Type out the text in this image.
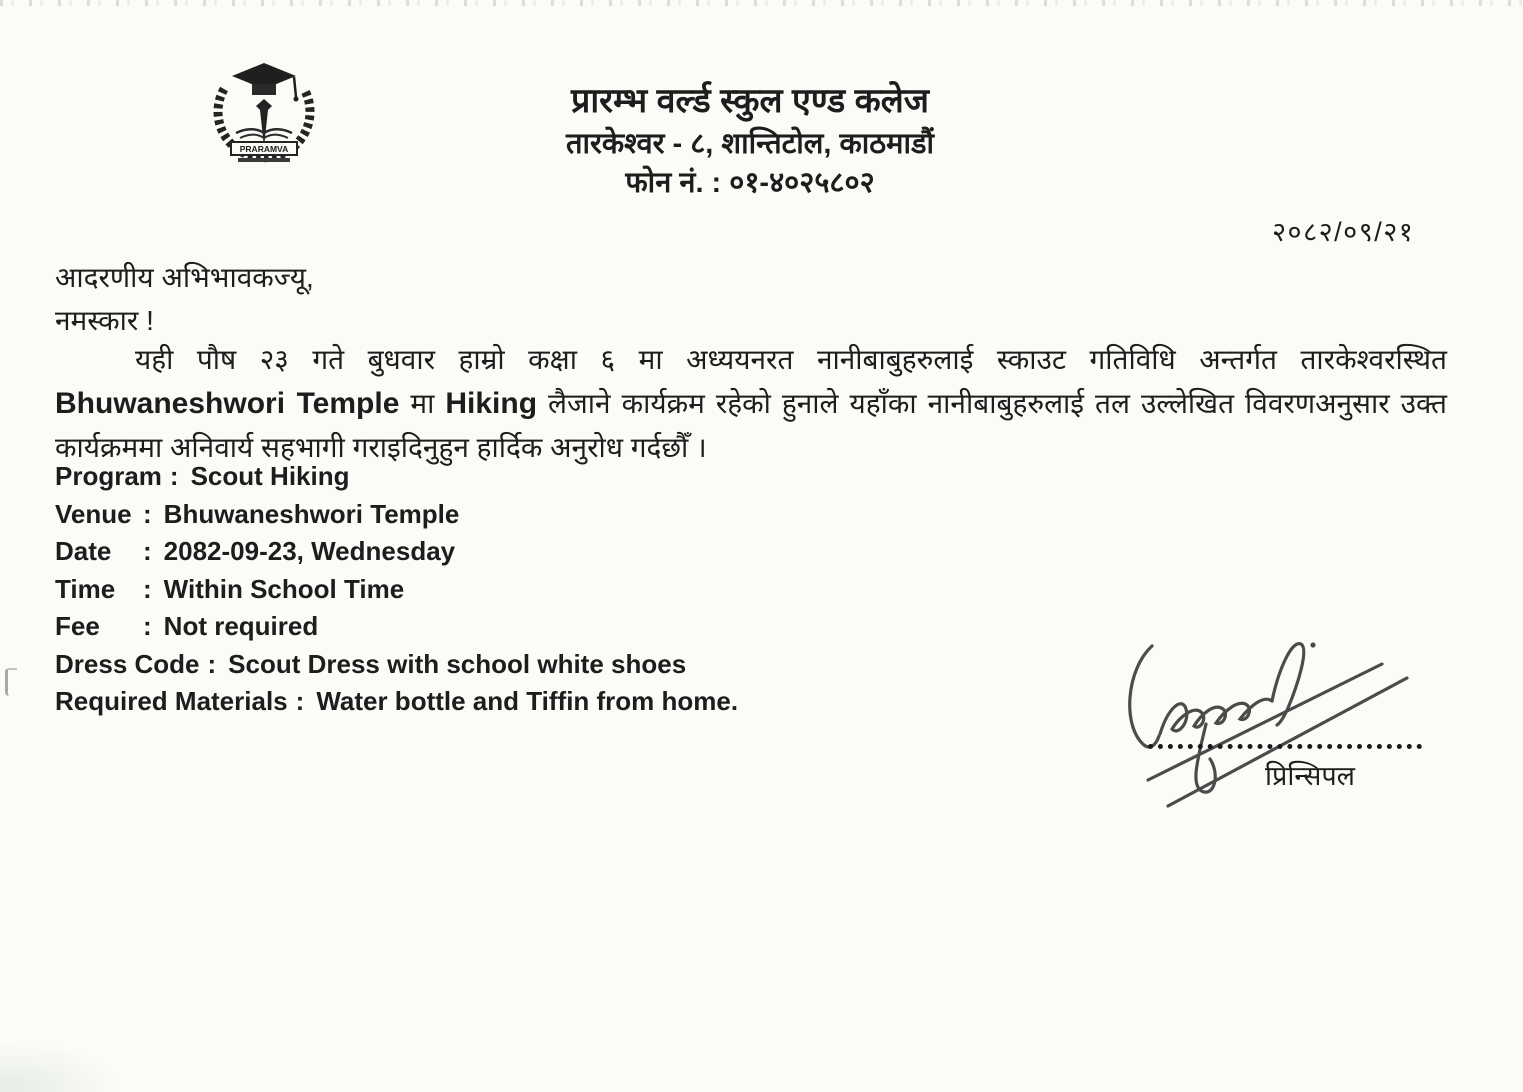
PRARAMVA
प्रारम्भ वर्ल्ड स्कुल एण्ड कलेज
तारकेश्वर - ८, शान्तिटोल, काठमाडौं
फोन नं. : ०१-४०२५८०२
२०८२/०९/२१
आदरणीय अभिभावकज्यू,
नमस्कार !
यही पौष २३ गते बुधवार हाम्रो कक्षा ६ मा अध्ययनरत नानीबाबुहरुलाई स्काउट गतिविधि अन्तर्गत तारकेश्वरस्थित Bhuwaneshwori Temple मा Hiking लैजाने कार्यक्रम रहेको हुनाले यहाँका नानीबाबुहरुलाई तल उल्लेखित विवरणअनुसार उक्त कार्यक्रममा अनिवार्य सहभागी गराइदिनुहुन हार्दिक अनुरोध गर्दछौँ ।
Program : Scout Hiking
Venue : Bhuwaneshwori Temple
Date	: 2082-09-23, Wednesday
Time	: Within School Time
Fee	: Not required
Dress Code : Scout Dress with school white shoes
Required Materials : Water bottle and Tiffin from home.
प्रिन्सिपल
